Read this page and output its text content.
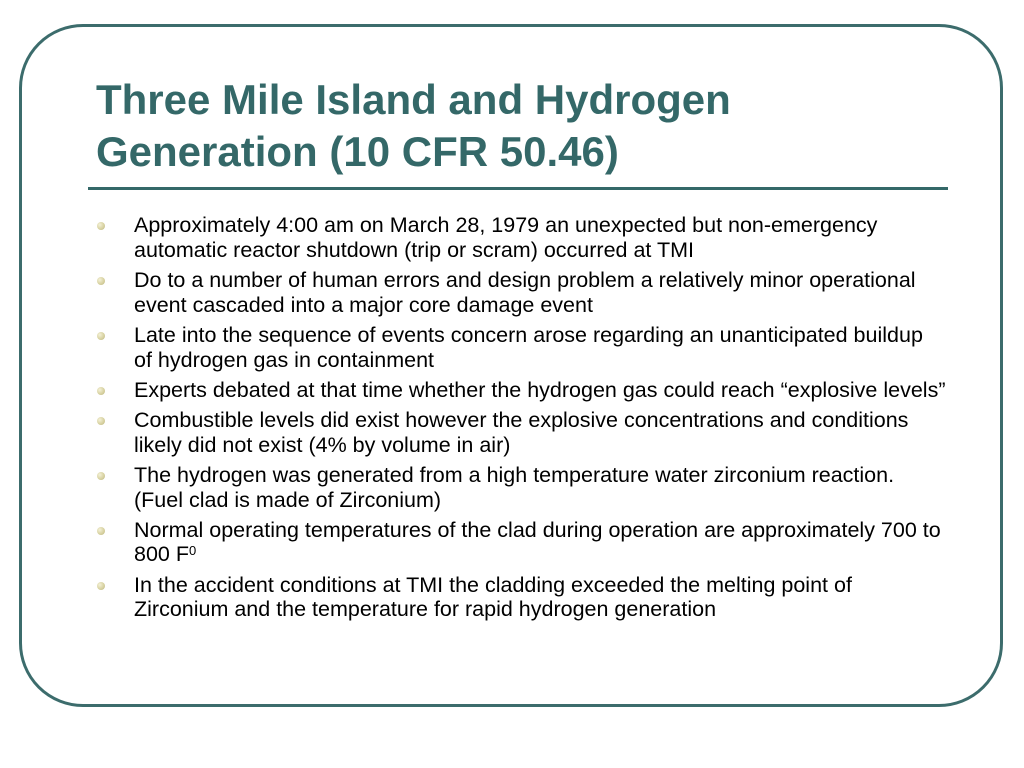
Three Mile Island and Hydrogen
Generation (10 CFR 50.46)
Approximately 4:00 am on March 28, 1979 an unexpected but non-emergency automatic reactor shutdown (trip or scram) occurred at TMI
Do to a number of human errors and design problem a relatively minor operational event cascaded into a major core damage event
Late into the sequence of events concern arose regarding an unanticipated buildup of hydrogen gas in containment
Experts debated at that time whether the hydrogen gas could reach “explosive levels”
Combustible levels did exist however the explosive concentrations and conditions likely did not exist (4% by volume in air)
The hydrogen was generated from a high temperature water zirconium reaction. (Fuel clad is made of Zirconium)
Normal operating temperatures of the clad during operation are approximately 700 to 800 $F^0$
In the accident conditions at TMI the cladding exceeded the melting point of Zirconium and the temperature for rapid hydrogen generation
